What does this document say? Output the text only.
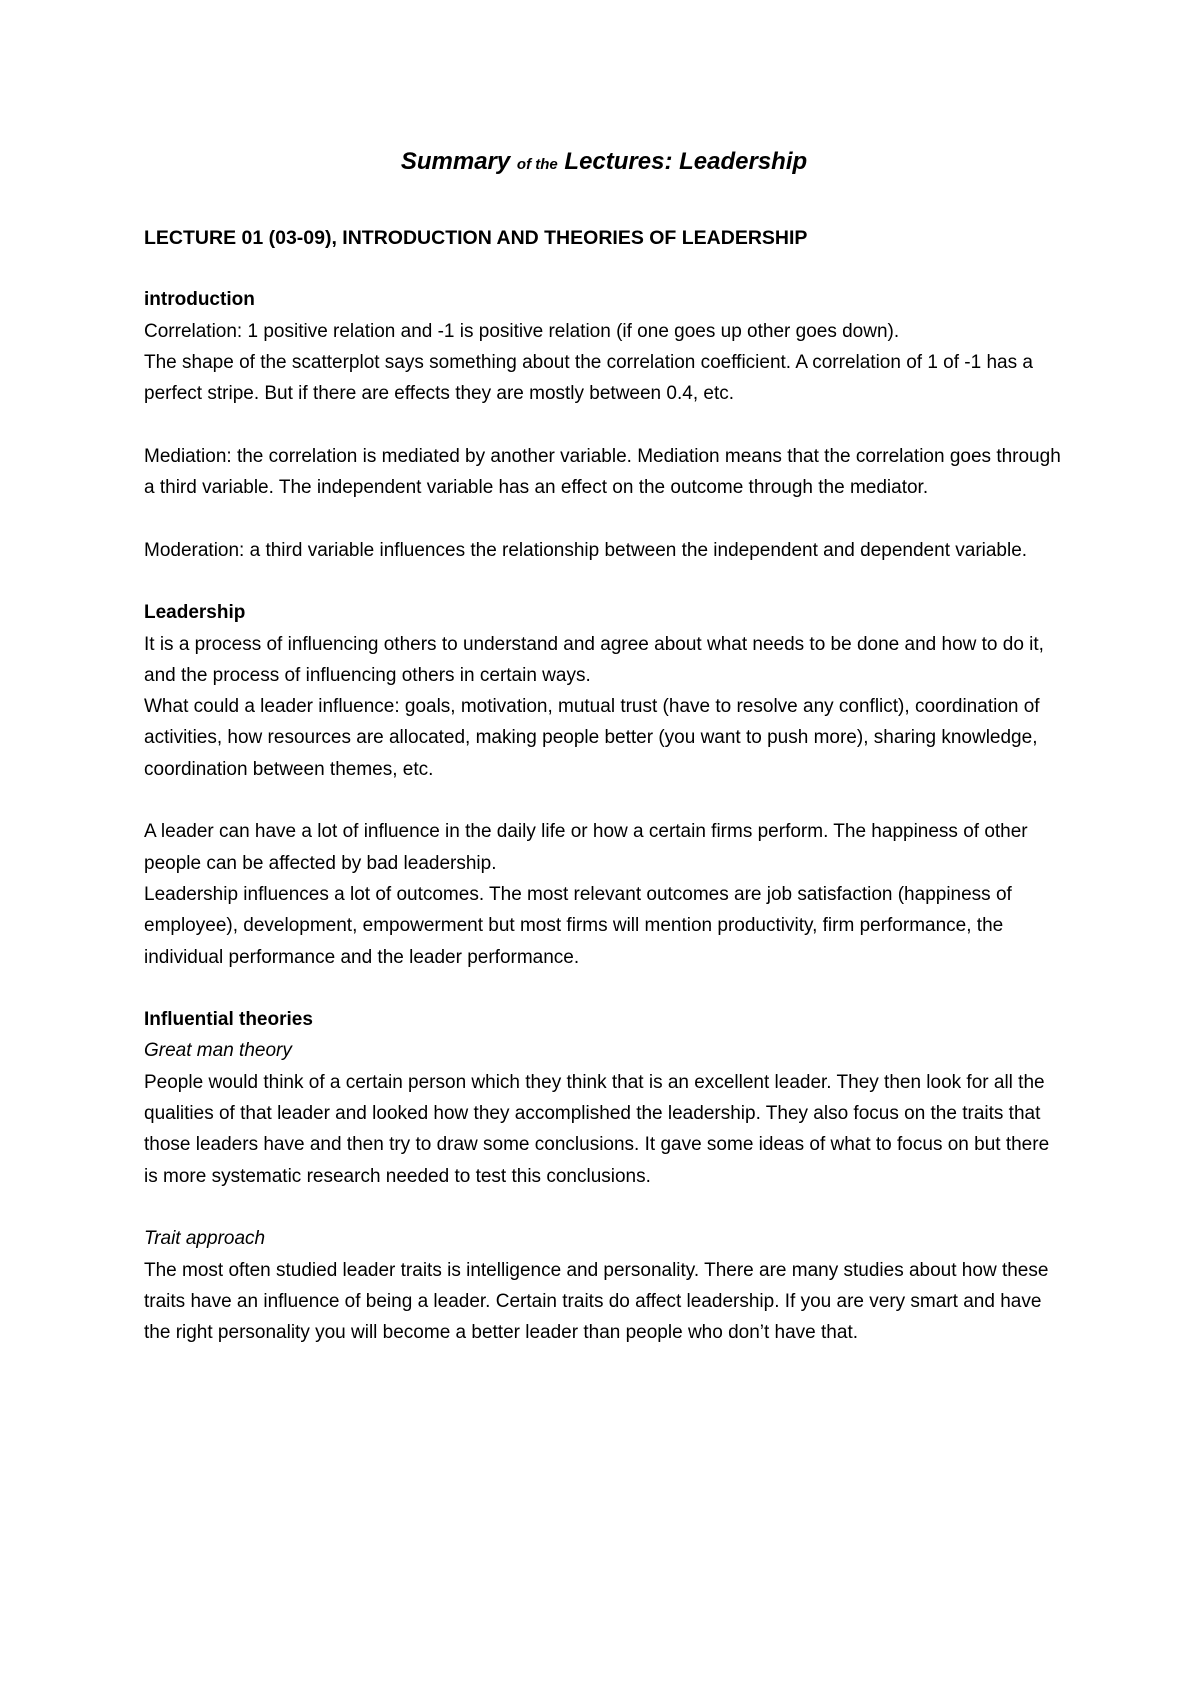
Summary of the Lectures: Leadership
LECTURE 01 (03-09), INTRODUCTION AND THEORIES OF LEADERSHIP

introduction

Correlation: 1 positive relation and -1 is positive relation (if one goes up other goes down).

The shape of the scatterplot says something about the correlation coefficient. A correlation of 1 of -1 has a perfect stripe. But if there are effects they are mostly between 0.4, etc.

Mediation: the correlation is mediated by another variable. Mediation means that the correlation goes through a third variable. The independent variable has an effect on the outcome through the mediator.

Moderation: a third variable influences the relationship between the independent and dependent variable.

Leadership

It is a process of influencing others to understand and agree about what needs to be done and how to do it, and the process of influencing others in certain ways.

What could a leader influence: goals, motivation, mutual trust (have to resolve any conflict), coordination of activities, how resources are allocated, making people better (you want to push more), sharing knowledge, coordination between themes, etc.

A leader can have a lot of influence in the daily life or how a certain firms perform. The happiness of other people can be affected by bad leadership.

Leadership influences a lot of outcomes. The most relevant outcomes are job satisfaction (happiness of employee), development, empowerment but most firms will mention productivity, firm performance, the individual performance and the leader performance.

Influential theories

Great man theory

People would think of a certain person which they think that is an excellent leader. They then look for all the qualities of that leader and looked how they accomplished the leadership. They also focus on the traits that those leaders have and then try to draw some conclusions. It gave some ideas of what to focus on but there is more systematic research needed to test this conclusions.

Trait approach

The most often studied leader traits is intelligence and personality. There are many studies about how these traits have an influence of being a leader. Certain traits do affect leadership. If you are very smart and have the right personality you will become a better leader than people who don’t have that.
